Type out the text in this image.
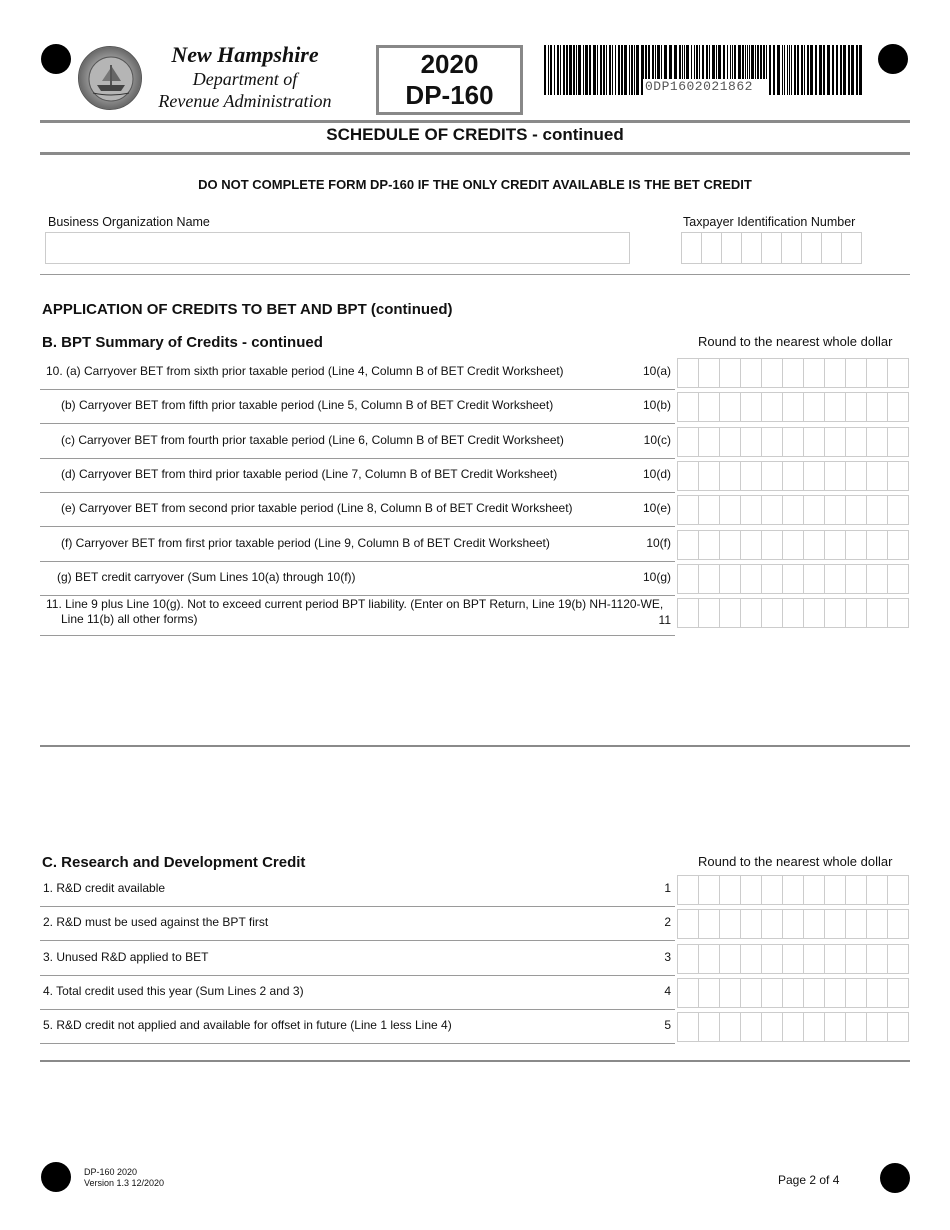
New Hampshire
Department of
Revenue Administration
2020
DP-160	0DP1602021862
SCHEDULE OF CREDITS - continued
DO NOT COMPLETE FORM DP-160 IF THE ONLY CREDIT AVAILABLE IS THE BET CREDIT
Business Organization Name	Taxpayer Identification Number
APPLICATION OF CREDITS TO BET AND BPT (continued)
B. BPT Summary of Credits - continued	Round to the nearest whole dollar
10. (a) Carryover BET from sixth prior taxable period (Line 4, Column B of BET Credit Worksheet)	10(a)
(b) Carryover BET from fifth prior taxable period (Line 5, Column B of BET Credit Worksheet)	10(b)
(c) Carryover BET from fourth prior taxable period (Line 6, Column B of BET Credit Worksheet)	10(c)
(d) Carryover BET from third prior taxable period (Line 7, Column B of BET Credit Worksheet)	10(d)
(e) Carryover BET from second prior taxable period (Line 8, Column B of BET Credit Worksheet)	10(e)
(f) Carryover BET from first prior taxable period (Line 9, Column B of BET Credit Worksheet)	10(f)
(g) BET credit carryover (Sum Lines 10(a) through 10(f))	10(g)
11. Line 9 plus Line 10(g). Not to exceed current period BPT liability. (Enter on BPT Return, Line 19(b) NH-1120-WE,
Line 11(b) all other forms)	11
C. Research and Development Credit	Round to the nearest whole dollar
1. R&D credit available	1
2. R&D must be used against the BPT first	2
3. Unused R&D applied to BET	3
4. Total credit used this year (Sum Lines 2 and 3)	4
5. R&D credit not applied and available for offset in future (Line 1 less Line 4)	5
DP-160 2020
Version 1.3 12/2020	Page 2 of 4
